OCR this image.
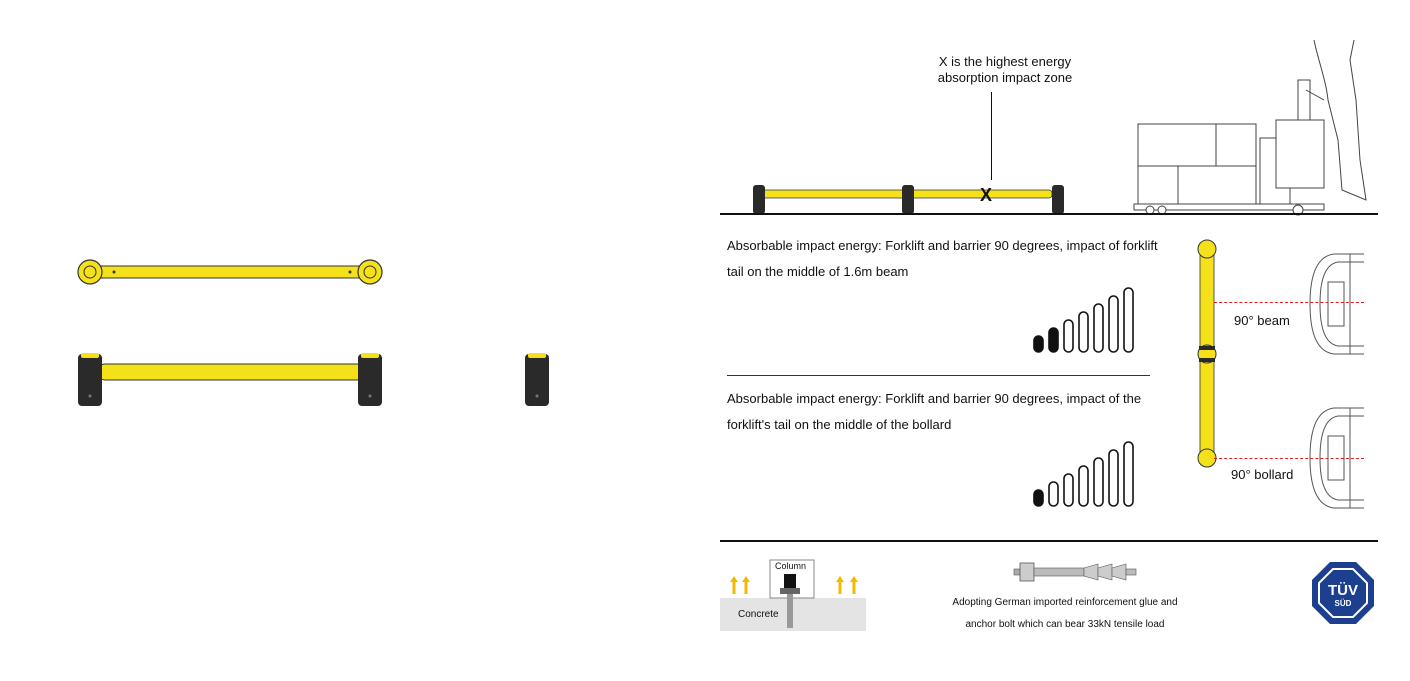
X is the highest energy
absorption impact zone
X
Absorbable impact energy: Forklift and barrier 90 degrees, impact of forklift
tail on the middle of 1.6m beam
Absorbable impact energy: Forklift and barrier 90 degrees, impact of the
forklift's tail on the middle of the bollard
90° beam
90° bollard
Column
Concrete
Adopting German imported reinforcement glue and
anchor bolt which can bear 33kN tensile load
TÜV
SÜD
